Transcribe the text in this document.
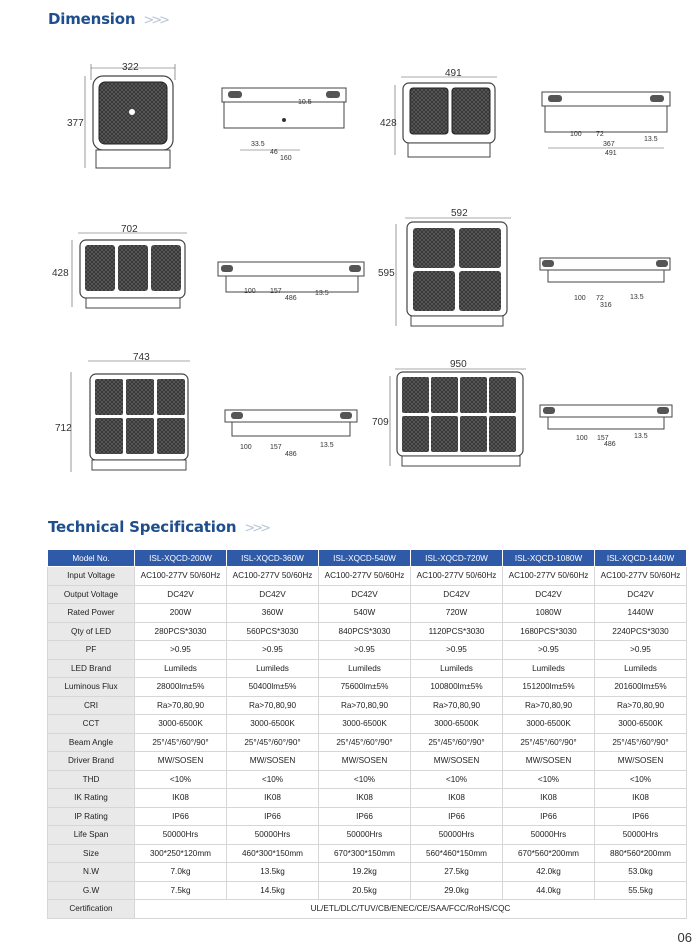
Dimension >>>
Technical Specification >>>
322
377
10.5
33.5
46
160
491
428
100 72
13.5
367
491
702
428
100 157	13.5
486
592
595
100 72	13.5
316
743
712
100	157	13.5
486
950
709
100 157	13.5
486
Model No.	ISL-XQCD-200W	ISL-XQCD-360W	ISL-XQCD-540W	ISL-XQCD-720W	ISL-XQCD-1080W	ISL-XQCD-1440W
Input Voltage	AC100-277V 50/60Hz	AC100-277V 50/60Hz	AC100-277V 50/60Hz	AC100-277V 50/60Hz	AC100-277V 50/60Hz	AC100-277V 50/60Hz
Output Voltage	DC42V	DC42V	DC42V	DC42V	DC42V	DC42V
Rated Power	200W	360W	540W	720W	1080W	1440W
Qty of LED	280PCS*3030	560PCS*3030	840PCS*3030	1120PCS*3030	1680PCS*3030	2240PCS*3030
PF	>0.95	>0.95	>0.95	>0.95	>0.95	>0.95
LED Brand	Lumileds	Lumileds	Lumileds	Lumileds	Lumileds	Lumileds
Luminous Flux	28000lm±5%	50400lm±5%	75600lm±5%	100800lm±5%	151200lm±5%	201600lm±5%
CRI	Ra>70,80,90	Ra>70,80,90	Ra>70,80,90	Ra>70,80,90	Ra>70,80,90	Ra>70,80,90
CCT	3000-6500K	3000-6500K	3000-6500K	3000-6500K	3000-6500K	3000-6500K
Beam Angle	25°/45°/60°/90°	25°/45°/60°/90°	25°/45°/60°/90°	25°/45°/60°/90°	25°/45°/60°/90°	25°/45°/60°/90°
Driver Brand	MW/SOSEN	MW/SOSEN	MW/SOSEN	MW/SOSEN	MW/SOSEN	MW/SOSEN
THD	<10%	<10%	<10%	<10%	<10%	<10%
IK Rating	IK08	IK08	IK08	IK08	IK08	IK08
IP Rating	IP66	IP66	IP66	IP66	IP66	IP66
Life Span	50000Hrs	50000Hrs	50000Hrs	50000Hrs	50000Hrs	50000Hrs
Size	300*250*120mm	460*300*150mm	670*300*150mm	560*460*150mm	670*560*200mm	880*560*200mm
N.W	7.0kg	13.5kg	19.2kg	27.5kg	42.0kg	53.0kg
G.W	7.5kg	14.5kg	20.5kg	29.0kg	44.0kg	55.5kg
Certification	UL/ETL/DLC/TUV/CB/ENEC/CE/SAA/FCC/RoHS/CQC					
06
